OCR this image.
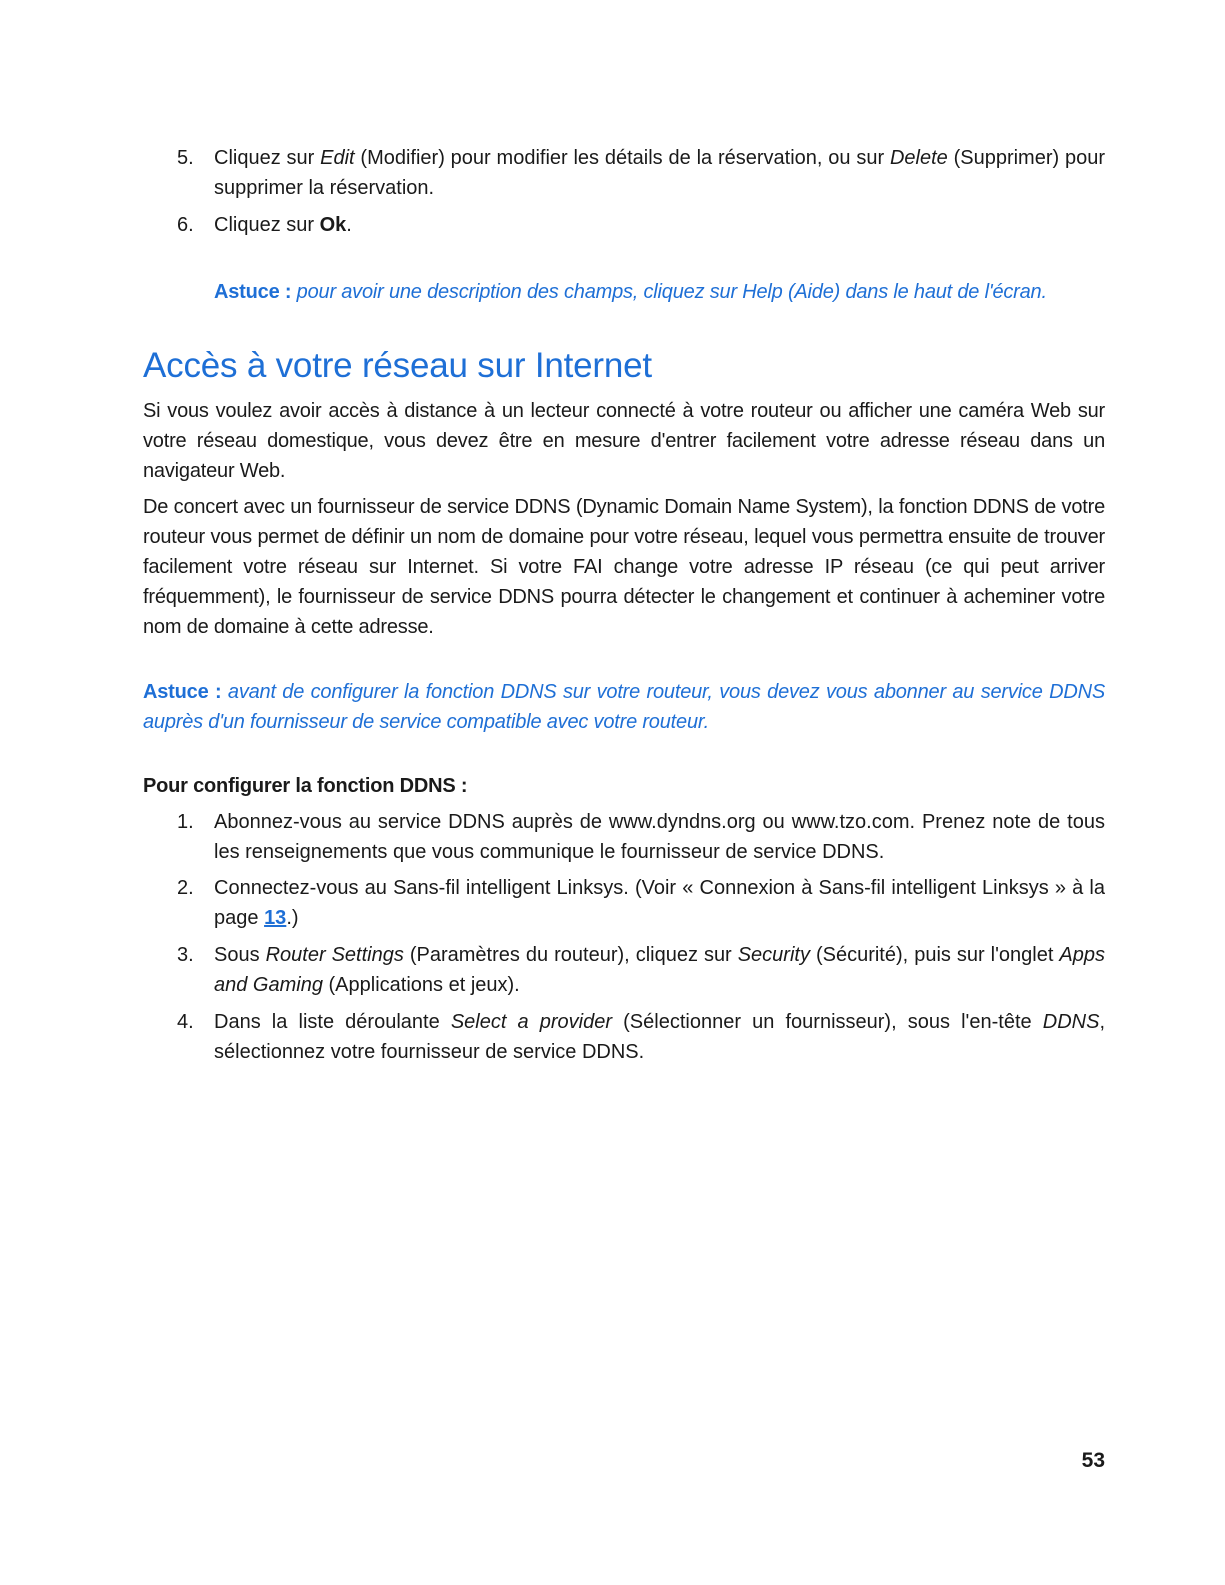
5.	Cliquez sur Edit (Modifier) pour modifier les détails de la réservation, ou sur Delete (Supprimer) pour supprimer la réservation.
6.	Cliquez sur Ok.
Astuce : pour avoir une description des champs, cliquez sur Help (Aide) dans le haut de l'écran.
Accès à votre réseau sur Internet
Si vous voulez avoir accès à distance à un lecteur connecté à votre routeur ou afficher une caméra Web sur votre réseau domestique, vous devez être en mesure d'entrer facilement votre adresse réseau dans un navigateur Web.
De concert avec un fournisseur de service DDNS (Dynamic Domain Name System), la fonction DDNS de votre routeur vous permet de définir un nom de domaine pour votre réseau, lequel vous permettra ensuite de trouver facilement votre réseau sur Internet. Si votre FAI change votre adresse IP réseau (ce qui peut arriver fréquemment), le fournisseur de service DDNS pourra détecter le changement et continuer à acheminer votre nom de domaine à cette adresse.
Astuce : avant de configurer la fonction DDNS sur votre routeur, vous devez vous abonner au service DDNS auprès d'un fournisseur de service compatible avec votre routeur.
Pour configurer la fonction DDNS :
1.	Abonnez-vous au service DDNS auprès de www.dyndns.org ou www.tzo.com. Prenez note de tous les renseignements que vous communique le fournisseur de service DDNS.
2.	Connectez-vous au Sans-fil intelligent Linksys. (Voir « Connexion à Sans-fil intelligent Linksys » à la page 13.)
3.	Sous Router Settings (Paramètres du routeur), cliquez sur Security (Sécurité), puis sur l'onglet Apps and Gaming (Applications et jeux).
4.	Dans la liste déroulante Select a provider (Sélectionner un fournisseur), sous l'en-tête DDNS, sélectionnez votre fournisseur de service DDNS.
53
